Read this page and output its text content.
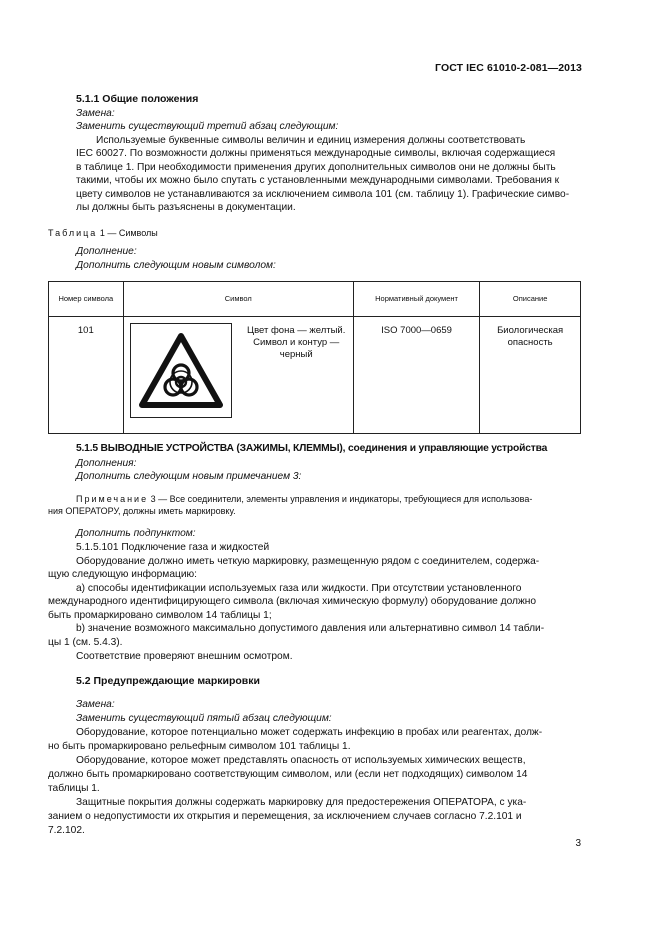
ГОСТ IEC 61010-2-081—2013
5.1.1 Общие положения
Замена:
Заменить существующий третий абзац следующим:
Используемые буквенные символы величин и единиц измерения должны соответствовать
IEC 60027. По возможности должны применяться международные символы, включая содержащиеся
в таблице 1. При необходимости применения других дополнительных символов они не должны быть
такими, чтобы их можно было спутать с установленными международными символами. Требования к
цвету символов не устанавливаются за исключением символа 101 (см. таблицу 1). Графические симво-
лы должны быть разъяснены в документации.
Таблица 1 — Символы
Дополнение:
Дополнить следующим новым символом:
Номер символа	Символ		Нормативный документ	Описание
101		Цвет фона — желтый. Символ и контур — черный	ISO 7000—0659	Биологическая опасность
5.1.5 ВЫВОДНЫЕ УСТРОЙСТВА (ЗАЖИМЫ, КЛЕММЫ), соединения и управляющие устройства
Дополнения:
Дополнить следующим новым примечанием 3:
Примечание 3 — Все соединители, элементы управления и индикаторы, требующиеся для использова-
ния ОПЕРАТОРУ, должны иметь маркировку.
Дополнить подпунктом:
5.1.5.101 Подключение газа и жидкостей
Оборудование должно иметь четкую маркировку, размещенную рядом с соединителем, содержа-
щую следующую информацию:
a) способы идентификации используемых газа или жидкости. При отсутствии установленного
международного идентифицирующего символа (включая химическую формулу) оборудование должно
быть промаркировано символом 14 таблицы 1;
b) значение возможного максимально допустимого давления или альтернативно символ 14 табли-
цы 1 (см. 5.4.3).
Соответствие проверяют внешним осмотром.
5.2 Предупреждающие маркировки
Замена:
Заменить существующий пятый абзац следующим:
Оборудование, которое потенциально может содержать инфекцию в пробах или реагентах, долж-
но быть промаркировано рельефным символом 101 таблицы 1.
Оборудование, которое может представлять опасность от используемых химических веществ,
должно быть промаркировано соответствующим символом, или (если нет подходящих) символом 14
таблицы 1.
Защитные покрытия должны содержать маркировку для предостережения ОПЕРАТОРА, с ука-
занием о недопустимости их открытия и перемещения, за исключением случаев согласно 7.2.101 и
7.2.102.
3
